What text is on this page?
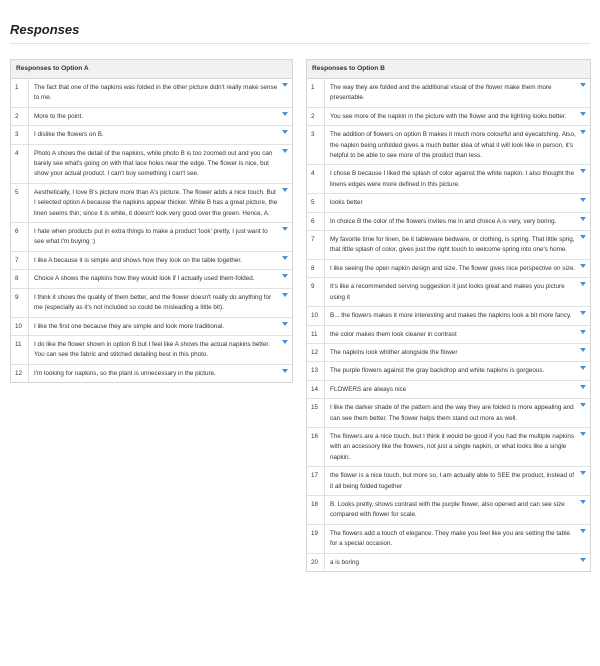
Responses
Responses to Option A
1	The fact that one of the napkins was folded in the other picture didn't really make sense to me.
2	More to the point.
3	I dislike the flowers on B.
4	Photo A shows the detail of the napkins, while photo B is too zoomed out and you can barely see what's going on with that lace holes near the edge. The flower is nice, but show your actual product. I can't buy something I can't see.
5	Aesthetically, I love B's picture more than A's picture. The flower adds a nice touch. But I selected option A because the napkins appear thicker. While B has a great picture, the linen seems thin; since it is white, it doesn't look very good over the green. Hence, A.
6	I hate when products put in extra things to make a product 'look' pretty, I just want to see what I'm buying :)
7	I like A because it is simple and shows how they look on the table together.
8	Choice A shows the napkins how they would look if I actually used them-folded.
9	I think it shows the quality of them better, and the flower doesn't really do anything for me (especially as it's not included so could be misleading a little bit).
10	I like the first one because they are simple and look more traditional.
11	I do like the flower shown in option B but I feel like A shows the actual napkins better. You can see the fabric and stitched detailing best in this photo.
12	I'm looking for napkins, so the plant is unnecessary in the picture.
Responses to Option B
1	The way they are folded and the additional visual of the flower make them more presentable.
2	You see more of the napkin in the picture with the flower and the lighting looks better.
3	The addition of flowers on option B makes it much more colourful and eyecatching. Also, the napkin being unfolded gives a much better idea of what it will look like in person, it's helpful to be able to see more of the product than less.
4	I chose B because I liked the splash of color against the white napkin. I also thought the linens edges were more defined in this picture.
5	looks better
6	In choice B the color of the flowers invites me in and choice A is very, very boring.
7	My favorite time for linen, be it tableware bedware, or clothing, is spring. That little sprig, that little splash of color, gives just the right touch to welcome spring into one's home.
8	I like seeing the open napkin design and size. The flower gives nice perspective on size.
9	It's like a recommended serving suggestion it just looks great and makes you picture using it
10	B... the flowers makes it more interesting and makes the napkins look a bit more fancy.
11	the color makes them look cleaner in contrast
12	The napkins look whither alongside the flower
13	The purple flowers against the gray backdrop and white napkins is gorgeous.
14	FLOWERS are always nice
15	I like the darker shade of the pattern and the way they are folded is more appealing and can see them better. The flower helps them stand out more as well.
16	The flowers are a nice touch, but I think it would be good if you had the multiple napkins with an accessory like the flowers, not just a single napkin, or what looks like a single napkin.
17	the flower is a nice touch, but more so, I am actually able to SEE the product, instead of it all being folded together
18	B. Looks pretty, shows contrast with the purple flower, also opened and can see size compared with flower for scale.
19	The flowers add a touch of elegance. They make you feel like you are setting the table for a special occasion.
20	a is boring
